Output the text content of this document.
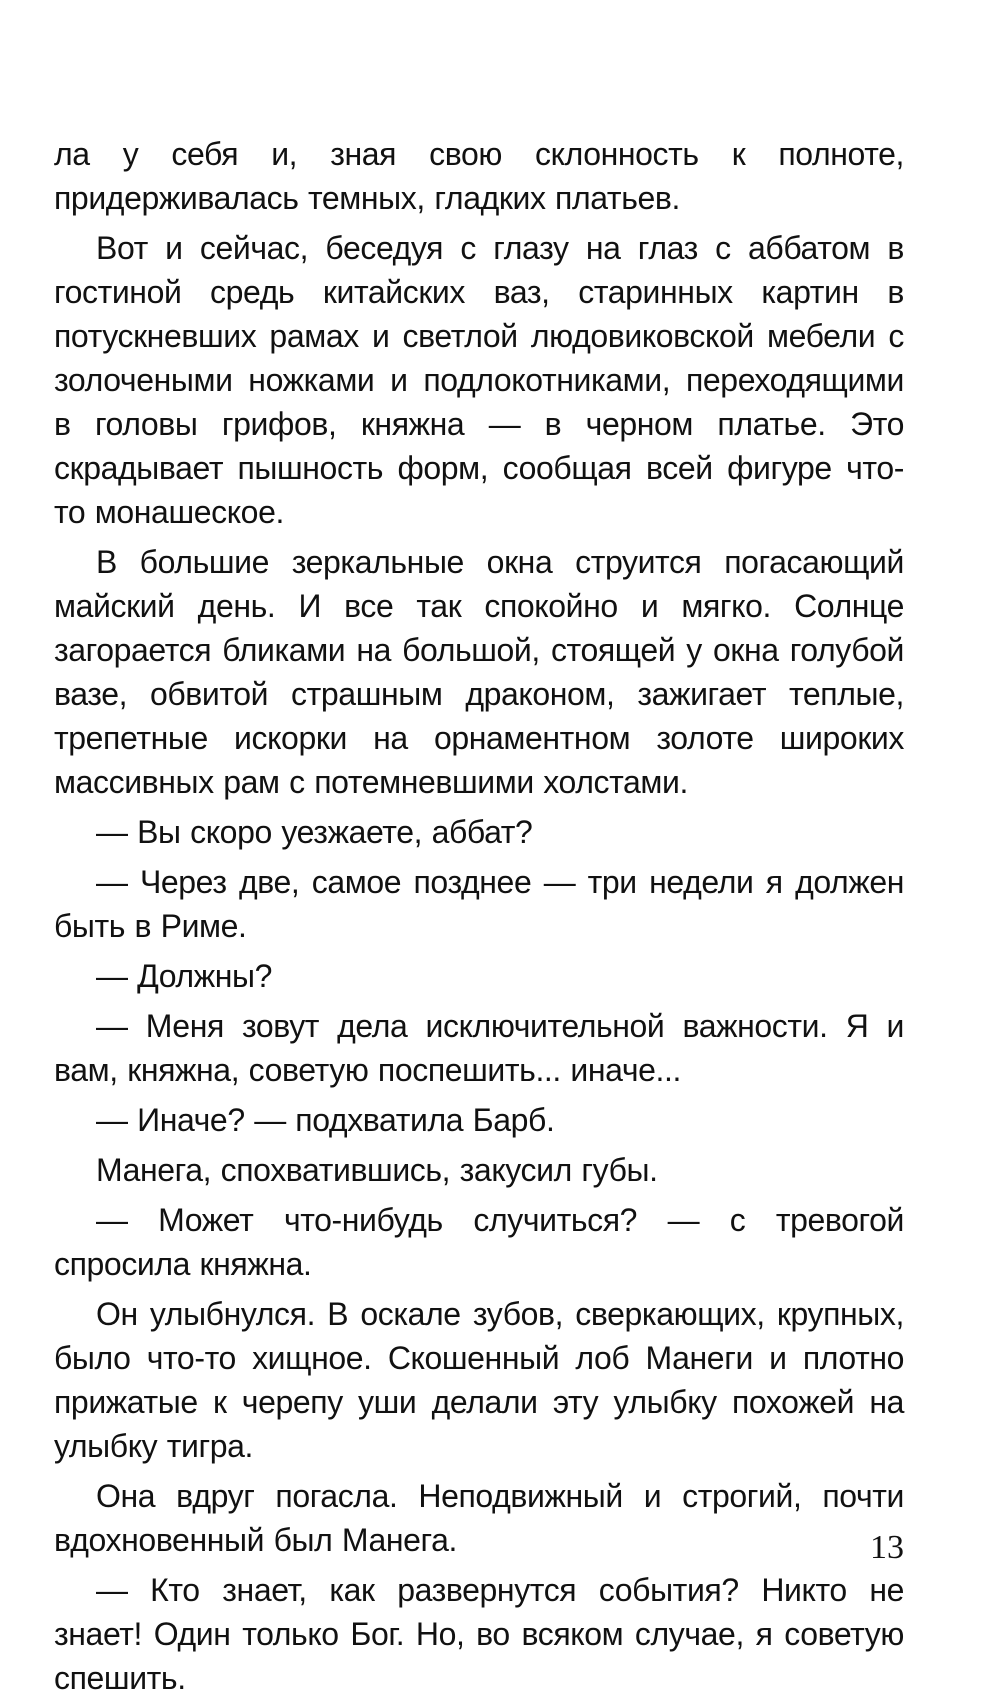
ла у себя и, зная свою склонность к полноте, придерживалась темных, гладких платьев.

Вот и сейчас, беседуя с глазу на глаз с аббатом в гостиной средь китайских ваз, старинных картин в потускневших рамах и светлой людовиковской мебели с золочеными ножками и подлокотниками, переходящими в головы грифов, княжна — в черном платье. Это скрадывает пышность форм, сообщая всей фигуре что-то монашеское.

В большие зеркальные окна струится погасающий майский день. И все так спокойно и мягко. Солнце загорается бликами на большой, стоящей у окна голубой вазе, обвитой страшным драконом, зажигает теплые, трепетные искорки на орнаментном золоте широких массивных рам с потемневшими холстами.

— Вы скоро уезжаете, аббат?

— Через две, самое позднее — три недели я должен быть в Риме.

— Должны?

— Меня зовут дела исключительной важности. Я и вам, княжна, советую поспешить... иначе...

— Иначе? — подхватила Барб.

Манега, спохватившись, закусил губы.

— Может что-нибудь случиться? — с тревогой спросила княжна.

Он улыбнулся. В оскале зубов, сверкающих, крупных, было что-то хищное. Скошенный лоб Манеги и плотно прижатые к черепу уши делали эту улыбку похожей на улыбку тигра.

Она вдруг погасла. Неподвижный и строгий, почти вдохновенный был Манега.

— Кто знает, как развернутся события? Никто не знает! Один только Бог. Но, во всяком случае, я советую спешить.

13
